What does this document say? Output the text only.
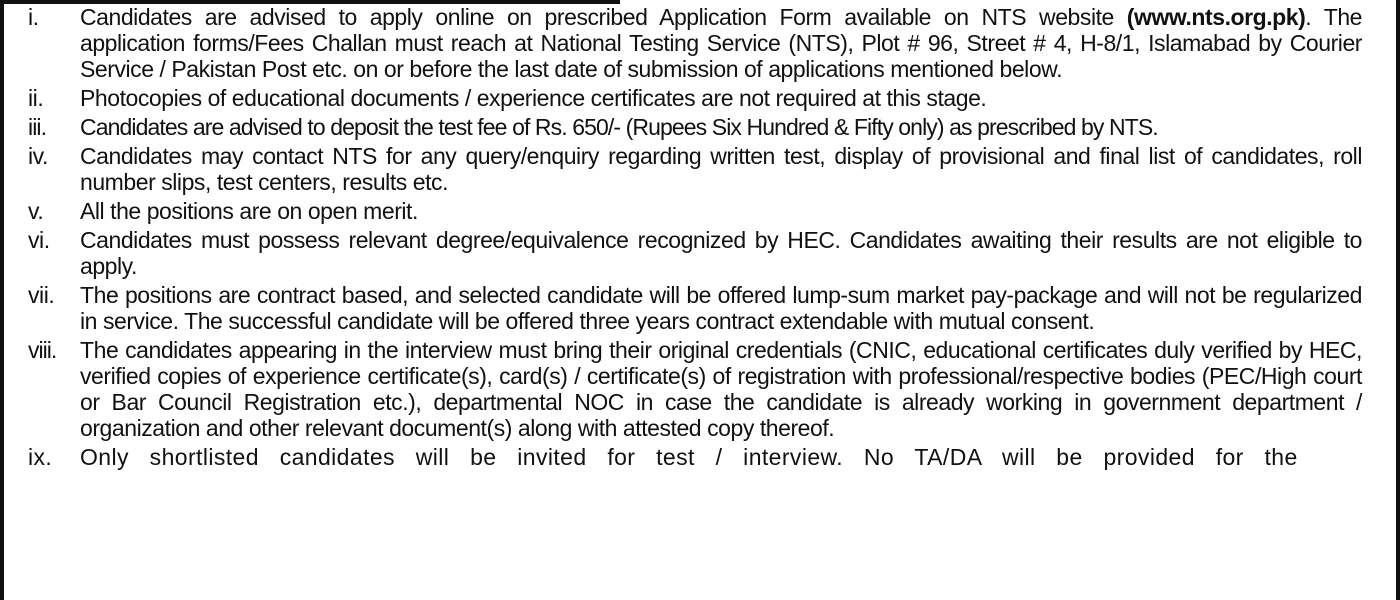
i. Candidates are advised to apply online on prescribed Application Form available on NTS website (www.nts.org.pk). The application forms/Fees Challan must reach at National Testing Service (NTS), Plot # 96, Street # 4, H-8/1, Islamabad by Courier Service / Pakistan Post etc. on or before the last date of submission of applications mentioned below.
ii. Photocopies of educational documents / experience certificates are not required at this stage.
iii. Candidates are advised to deposit the test fee of Rs. 650/- (Rupees Six Hundred & Fifty only) as prescribed by NTS.
iv. Candidates may contact NTS for any query/enquiry regarding written test, display of provisional and final list of candidates, roll number slips, test centers, results etc.
v. All the positions are on open merit.
vi. Candidates must possess relevant degree/equivalence recognized by HEC. Candidates awaiting their results are not eligible to apply.
vii. The positions are contract based, and selected candidate will be offered lump-sum market pay-package and will not be regularized in service. The successful candidate will be offered three years contract extendable with mutual consent.
viii. The candidates appearing in the interview must bring their original credentials (CNIC, educational certificates duly verified by HEC, verified copies of experience certificate(s), card(s) / certificate(s) of registration with professional/respective bodies (PEC/High court or Bar Council Registration etc.), departmental NOC in case the candidate is already working in government department / organization and other relevant document(s) along with attested copy thereof.
ix. Only shortlisted candidates will be invited for test / interview. No TA/DA will be provided for the
